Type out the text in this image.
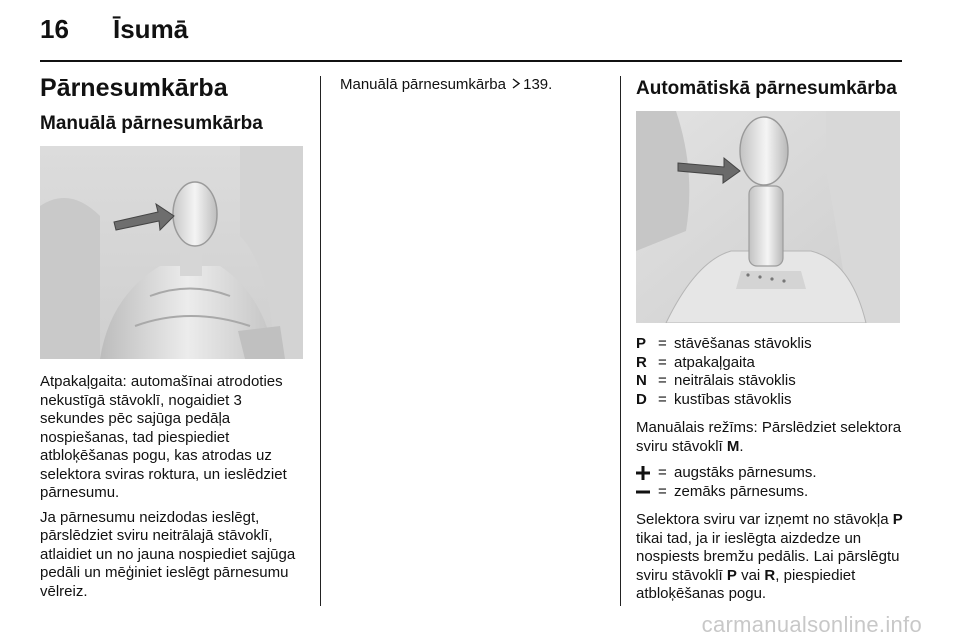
16 Īsumā
Pārnesumkārba
Manuālā pārnesumkārba

Atpakaļgaita: automašīnai atrodoties nekustīgā stāvoklī, nogaidiet 3 sekundes pēc sajūga pedāļa nospiešanas, tad piespiediet atbloķēšanas pogu, kas atrodas uz selektora sviras roktura, un ieslēdziet pārnesumu.

Ja pārnesumu neizdodas ieslēgt, pārslēdziet sviru neitrālajā stāvoklī, atlaidiet un no jauna nospiediet sajūga pedāli un mēģiniet ieslēgt pārnesumu vēlreiz.

Manuālā pārnesumkārba 139.	Automātiskā pārnesumkārba
P = stāvēšanas stāvoklis
R = atpakaļgaita
N = neitrālais stāvoklis
D = kustības stāvoklis

Manuālais režīms: Pārslēdziet selektora sviru stāvoklī M.

= augstāks pārnesums.
= zemāks pārnesums.

Selektora sviru var izņemt no stāvokļa P tikai tad, ja ir ieslēgta aizdedze un nospiests bremžu pedālis. Lai pārslēgtu sviru stāvoklī P vai R, piespiediet atbloķēšanas pogu.

carmanualsonline.info
